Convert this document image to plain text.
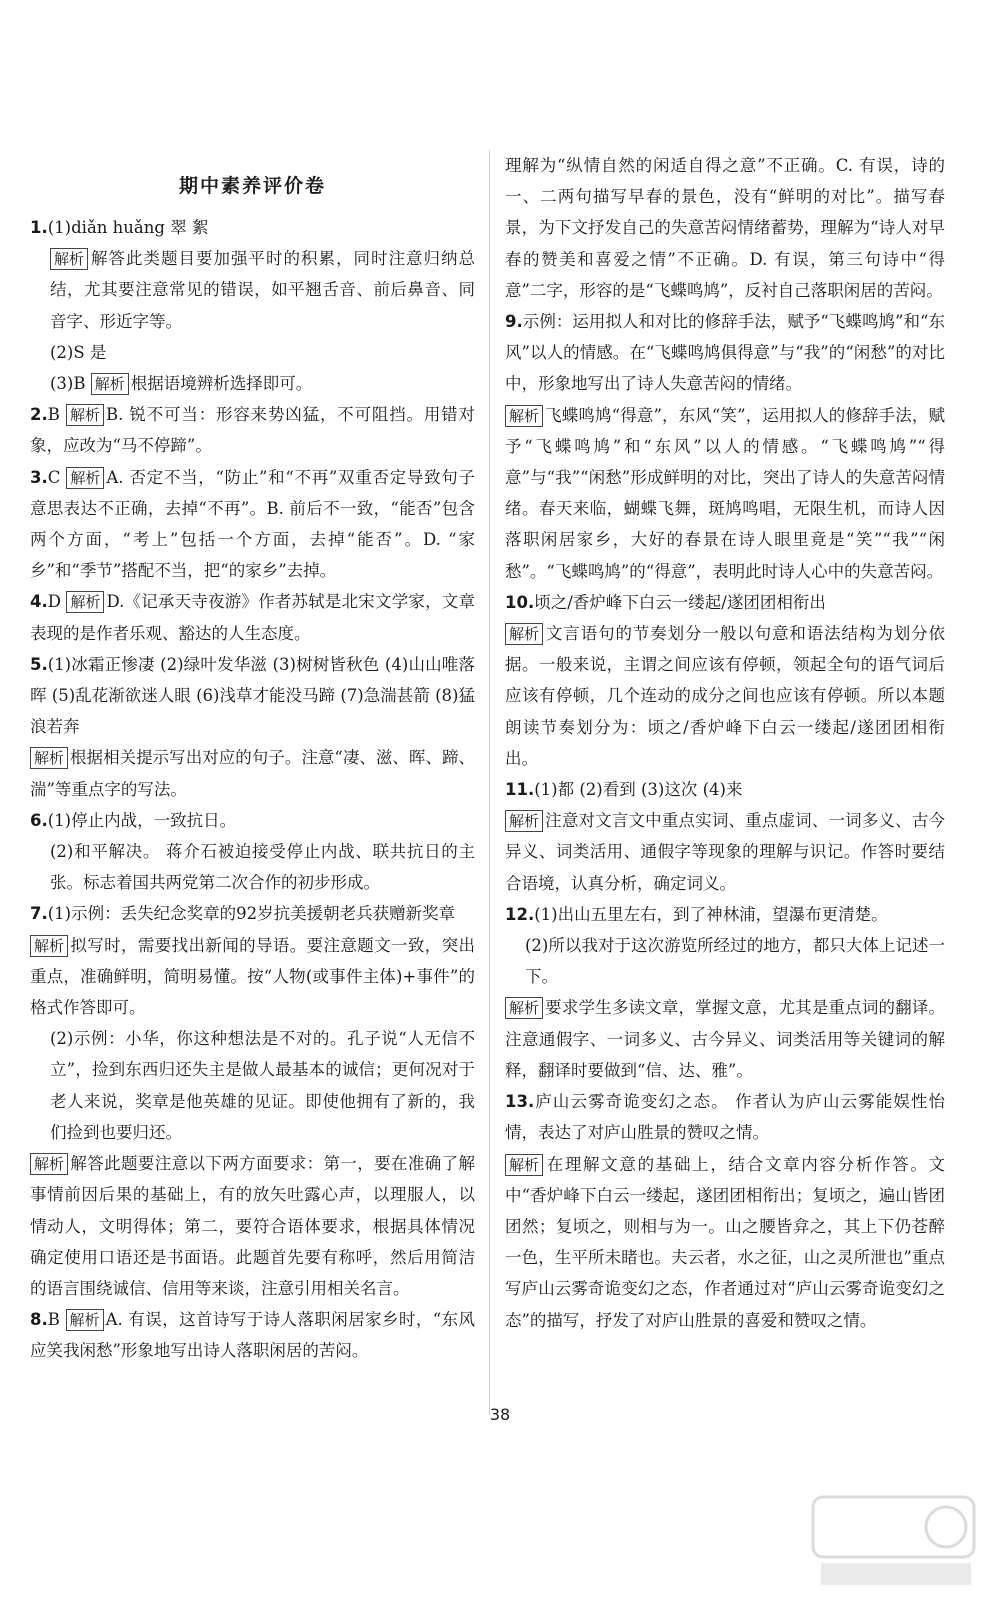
期中素养评价卷

1.(1)diǎn huǎng 翠 絮

解析 解答此类题目要加强平时的积累，同时注意归纳总结，尤其要注意常见的错误，如平翘舌音、前后鼻音、同音字、形近字等。

(2)S 是

(3)B 解析 根据语境辨析选择即可。

2.B 解析 B. 锐不可当：形容来势凶猛，不可阻挡。用错对象，应改为“马不停蹄”。

3.C 解析 A. 否定不当，“防止”和“不再”双重否定导致句子意思表达不正确，去掉“不再”。B. 前后不一致，“能否”包含两个方面，“考上”包括一个方面，去掉“能否”。D. “家乡”和“季节”搭配不当，把“的家乡”去掉。

4.D 解析 D.《记承天寺夜游》作者苏轼是北宋文学家，文章表现的是作者乐观、豁达的人生态度。

5.(1)冰霜正惨凄 (2)绿叶发华滋 (3)树树皆秋色 (4)山山唯落晖 (5)乱花渐欲迷人眼 (6)浅草才能没马蹄 (7)急湍甚箭 (8)猛浪若奔

解析 根据相关提示写出对应的句子。注意“凄、滋、晖、蹄、湍”等重点字的写法。

6.(1)停止内战，一致抗日。

(2)和平解决。 蒋介石被迫接受停止内战、联共抗日的主张。标志着国共两党第二次合作的初步形成。

7.(1)示例：丢失纪念奖章的92岁抗美援朝老兵获赠新奖章

解析 拟写时，需要找出新闻的导语。要注意题文一致，突出重点，准确鲜明，简明易懂。按“人物(或事件主体)+事件”的格式作答即可。

(2)示例：小华，你这种想法是不对的。孔子说“人无信不立”，捡到东西归还失主是做人最基本的诚信；更何况对于老人来说，奖章是他英雄的见证。即使他拥有了新的，我们捡到也要归还。

解析 解答此题要注意以下两方面要求：第一，要在准确了解事情前因后果的基础上，有的放矢吐露心声，以理服人，以情动人，文明得体；第二，要符合语体要求，根据具体情况确定使用口语还是书面语。此题首先要有称呼，然后用简洁的语言围绕诚信、信用等来谈，注意引用相关名言。

8.B 解析 A. 有误，这首诗写于诗人落职闲居家乡时，“东风应笑我闲愁”形象地写出诗人落职闲居的苦闷。

理解为“纵情自然的闲适自得之意”不正确。C. 有误，诗的一、二两句描写早春的景色，没有“鲜明的对比”。描写春景，为下文抒发自己的失意苦闷情绪蓄势，理解为“诗人对早春的赞美和喜爱之情”不正确。D. 有误，第三句诗中“得意”二字，形容的是“飞蝶鸣鸠”，反衬自己落职闲居的苦闷。

9.示例：运用拟人和对比的修辞手法，赋予“飞蝶鸣鸠”和“东风”以人的情感。在“飞蝶鸣鸠俱得意”与“我”的“闲愁”的对比中，形象地写出了诗人失意苦闷的情绪。

解析 飞蝶鸣鸠“得意”，东风“笑”，运用拟人的修辞手法，赋予“飞蝶鸣鸠”和“东风”以人的情感。“飞蝶鸣鸠”“得意”与“我”“闲愁”形成鲜明的对比，突出了诗人的失意苦闷情绪。春天来临，蝴蝶飞舞，斑鸠鸣唱，无限生机，而诗人因落职闲居家乡，大好的春景在诗人眼里竟是“笑”“我”“闲愁”。“飞蝶鸣鸠”的“得意”，表明此时诗人心中的失意苦闷。

10.顷之/香炉峰下白云一缕起/遂团团相衔出

解析 文言语句的节奏划分一般以句意和语法结构为划分依据。一般来说，主谓之间应该有停顿，领起全句的语气词后应该有停顿，几个连动的成分之间也应该有停顿。所以本题朗读节奏划分为：顷之/香炉峰下白云一缕起/遂团团相衔出。

11.(1)都 (2)看到 (3)这次 (4)来

解析 注意对文言文中重点实词、重点虚词、一词多义、古今异义、词类活用、通假字等现象的理解与识记。作答时要结合语境，认真分析，确定词义。

12.(1)出山五里左右，到了神林浦，望瀑布更清楚。

(2)所以我对于这次游览所经过的地方，都只大体上记述一下。

解析 要求学生多读文章，掌握文意，尤其是重点词的翻译。注意通假字、一词多义、古今异义、词类活用等关键词的解释，翻译时要做到“信、达、雅”。

13.庐山云雾奇诡变幻之态。 作者认为庐山云雾能娱性怡情，表达了对庐山胜景的赞叹之情。

解析 在理解文意的基础上，结合文章内容分析作答。文中“香炉峰下白云一缕起，遂团团相衔出；复顷之，遍山皆团团然；复顷之，则相与为一。山之腰皆弇之，其上下仍苍醉一色，生平所未睹也。夫云者，水之征，山之灵所泄也”重点写庐山云雾奇诡变幻之态，作者通过对“庐山云雾奇诡变幻之态”的描写，抒发了对庐山胜景的喜爱和赞叹之情。

38
